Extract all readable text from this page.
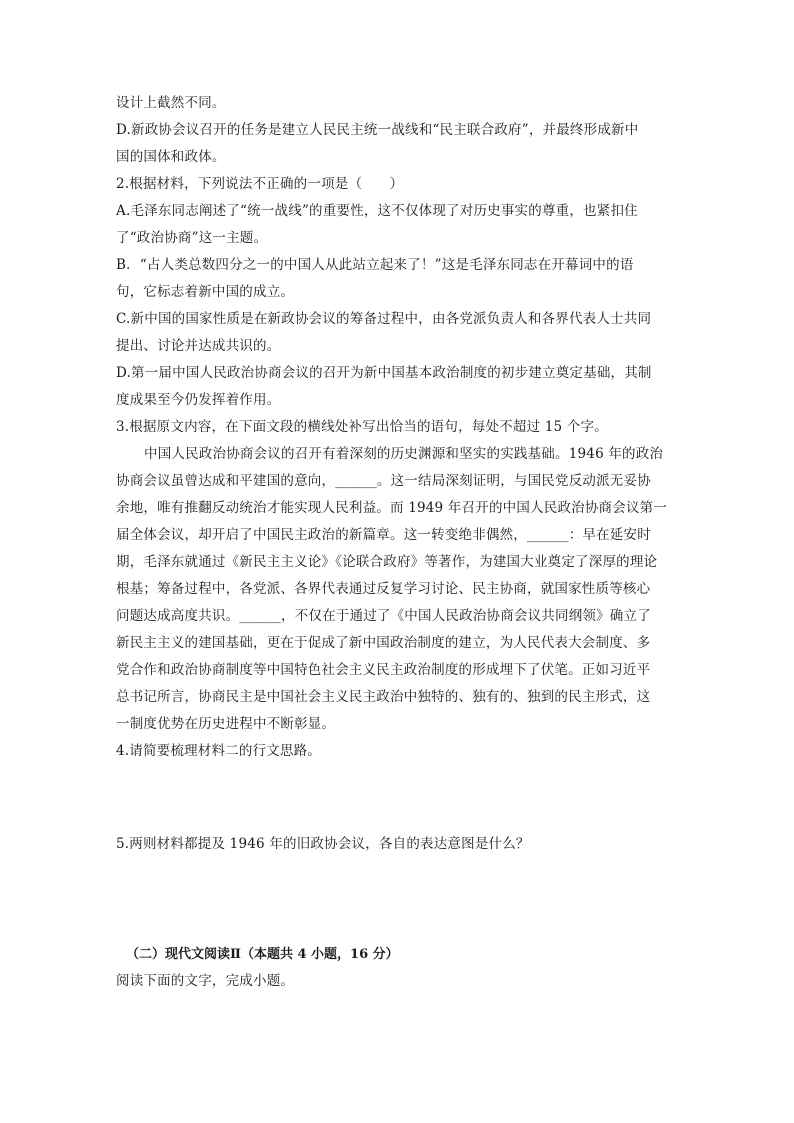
设计上截然不同。
D.新政协会议召开的任务是建立人民民主统一战线和“民主联合政府”，并最终形成新中
国的国体和政体。
2.根据材料，下列说法不正确的一项是（　　）
A.毛泽东同志阐述了“统一战线”的重要性，这不仅体现了对历史事实的尊重，也紧扣住
了“政治协商”这一主题。
B．“占人类总数四分之一的中国人从此站立起来了！”这是毛泽东同志在开幕词中的语
句，它标志着新中国的成立。
C.新中国的国家性质是在新政协会议的筹备过程中，由各党派负责人和各界代表人士共同
提出、讨论并达成共识的。
D.第一届中国人民政治协商会议的召开为新中国基本政治制度的初步建立奠定基础，其制
度成果至今仍发挥着作用。
3.根据原文内容，在下面文段的横线处补写出恰当的语句，每处不超过 15 个字。
中国人民政治协商会议的召开有着深刻的历史渊源和坚实的实践基础。1946 年的政治
协商会议虽曾达成和平建国的意向，______。这一结局深刻证明，与国民党反动派无妥协
余地，唯有推翻反动统治才能实现人民利益。而 1949 年召开的中国人民政治协商会议第一
届全体会议，却开启了中国民主政治的新篇章。这一转变绝非偶然，______：早在延安时
期，毛泽东就通过《新民主主义论》《论联合政府》等著作，为建国大业奠定了深厚的理论
根基；筹备过程中，各党派、各界代表通过反复学习讨论、民主协商，就国家性质等核心
问题达成高度共识。______，不仅在于通过了《中国人民政治协商会议共同纲领》确立了
新民主主义的建国基础，更在于促成了新中国政治制度的建立，为人民代表大会制度、多
党合作和政治协商制度等中国特色社会主义民主政治制度的形成埋下了伏笔。正如习近平
总书记所言，协商民主是中国社会主义民主政治中独特的、独有的、独到的民主形式，这
一制度优势在历史进程中不断彰显。
4.请简要梳理材料二的行文思路。
5.两则材料都提及 1946 年的旧政协会议，各自的表达意图是什么？
（二）现代文阅读Ⅱ（本题共 4 小题，16 分）
阅读下面的文字，完成小题。
